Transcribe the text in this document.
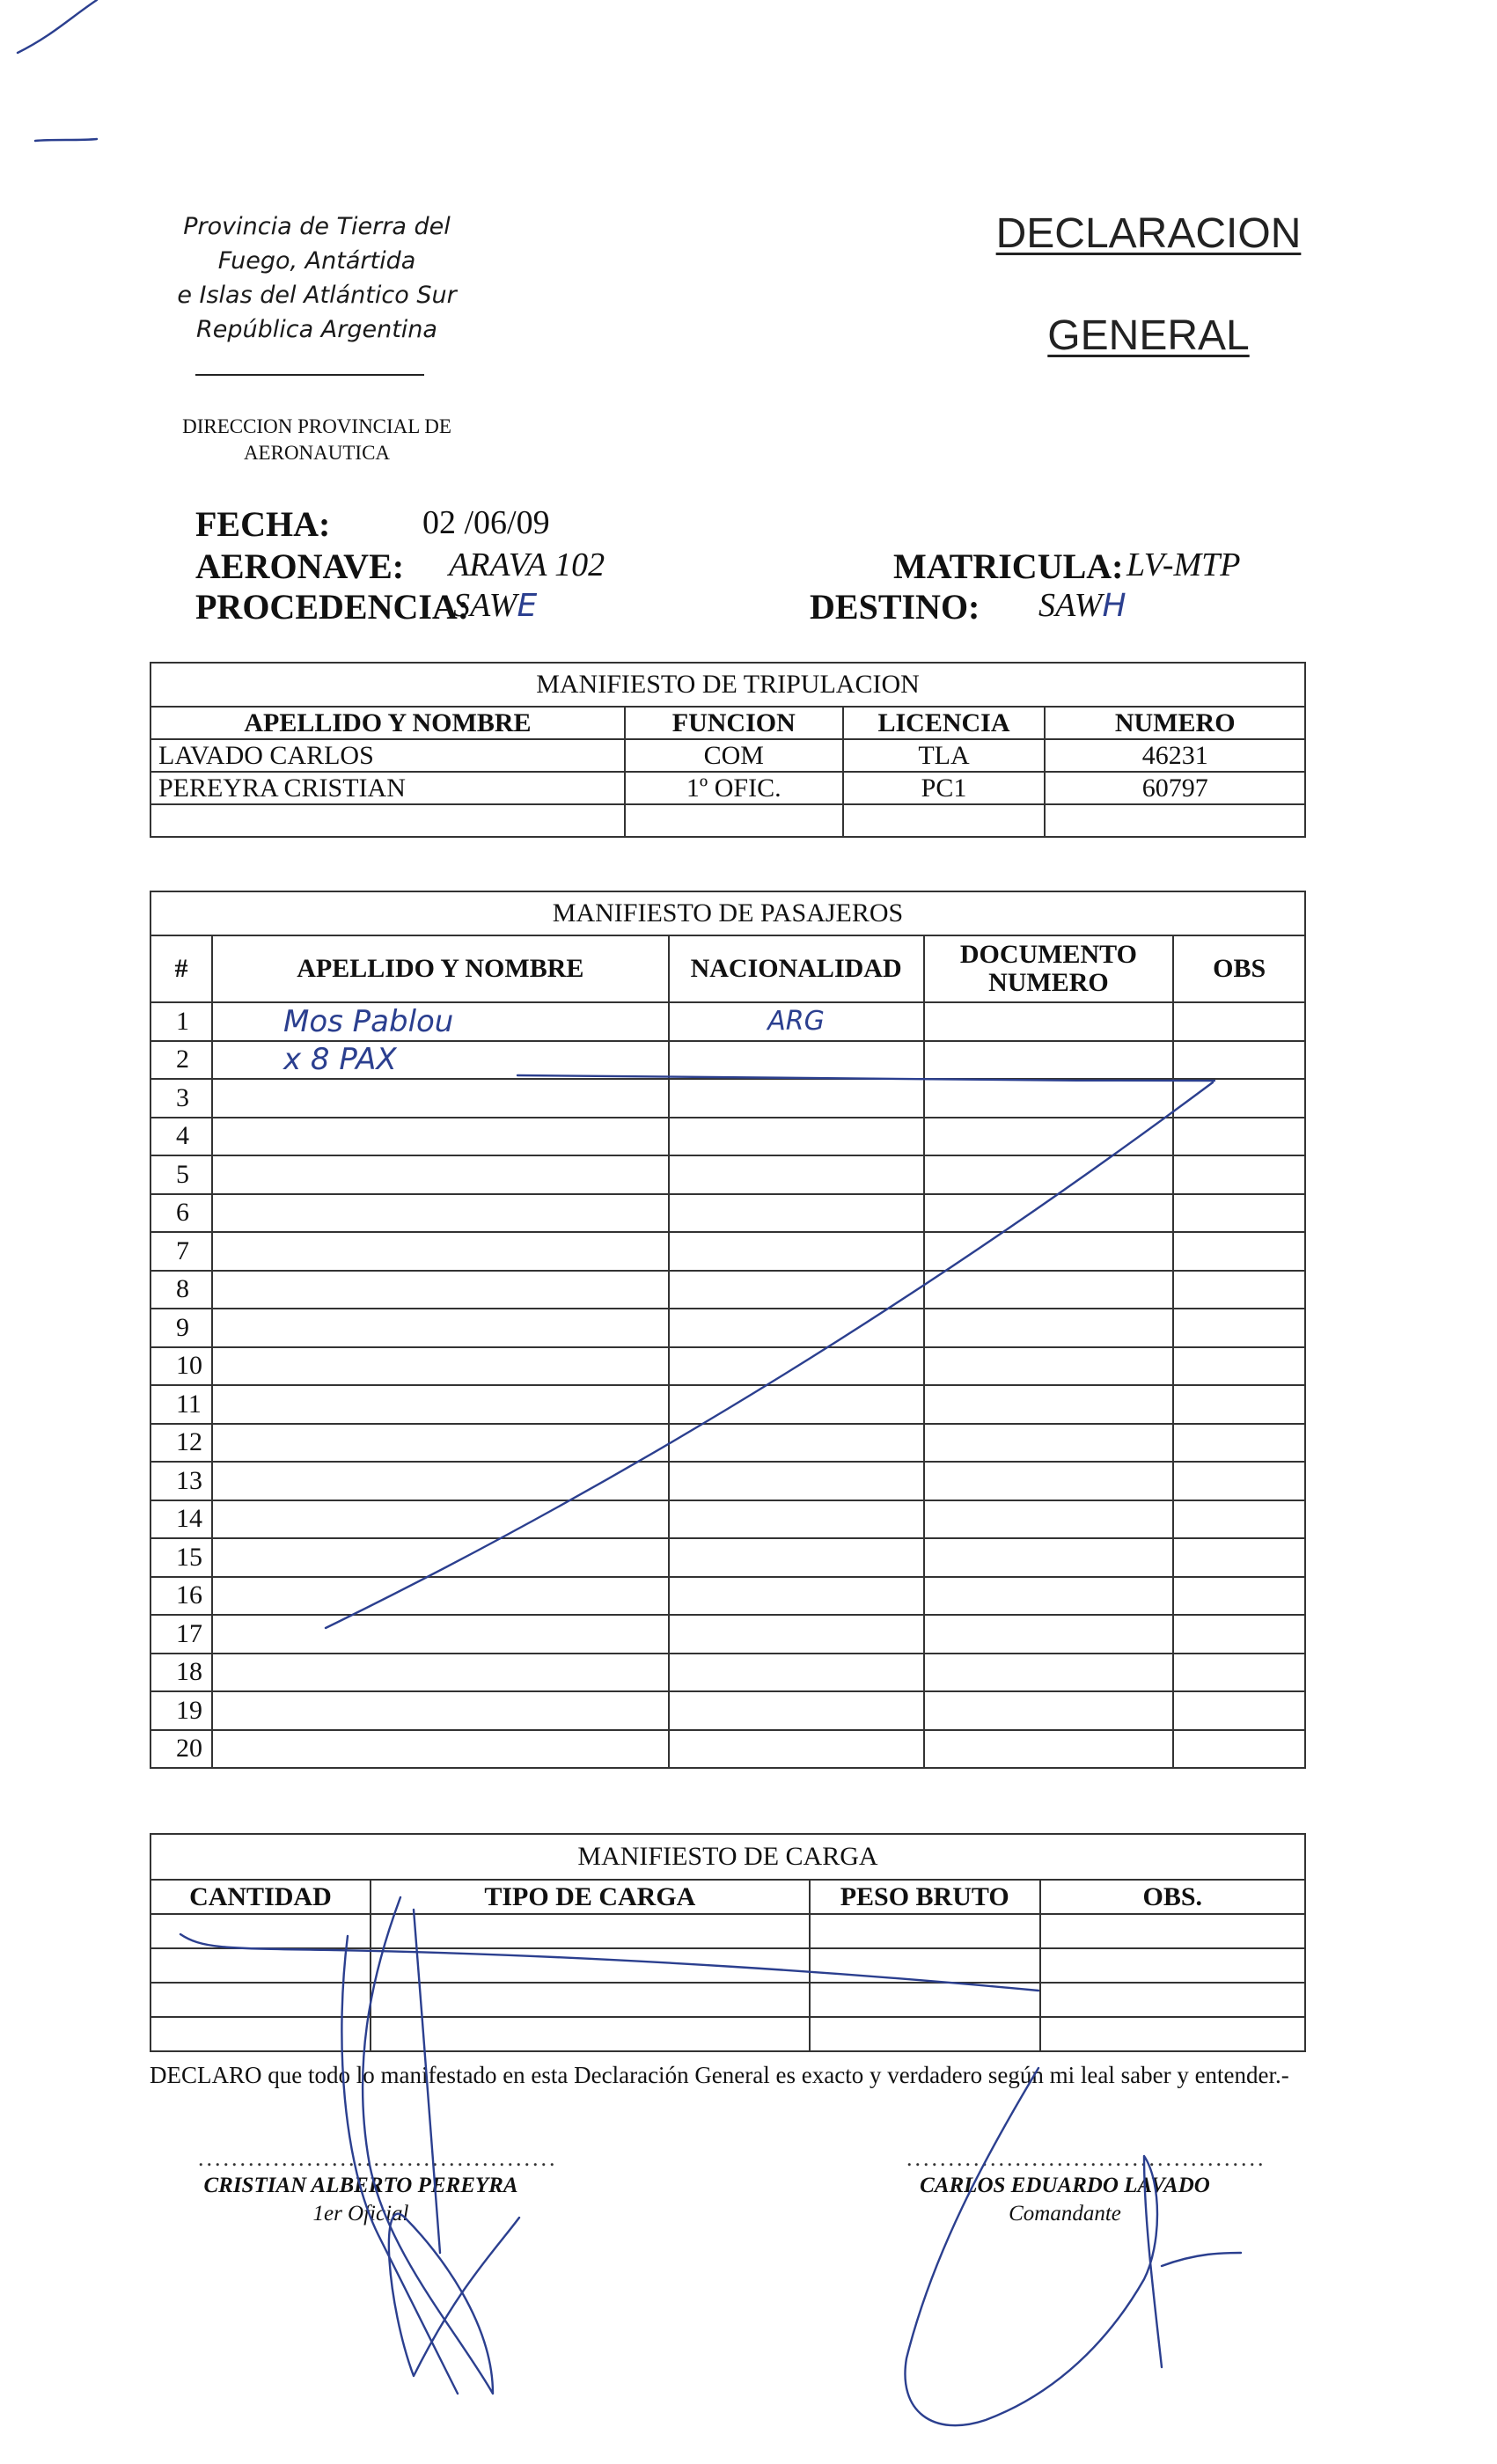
Provincia de Tierra del
Fuego, Antártida
e Islas del Atlántico Sur
República Argentina
DIRECCION PROVINCIAL DE
AERONAUTICA
DECLARACION
GENERAL
FECHA:	02 /06/09
AERONAVE: ARAVA 102
PROCEDENCIA:
SAWE
MATRICULA: LV-MTP
DESTINO: SAWH
MANIFIESTO DE TRIPULACION			
APELLIDO Y NOMBRE	FUNCION	LICENCIA	NUMERO
LAVADO CARLOS	COM	TLA	46231
PEREYRA CRISTIAN	1º OFIC.	PC1	60797

MANIFIESTO DE PASAJEROS				
#	APELLIDO Y NOMBRE	NACIONALIDAD	DOCUMENTO NUMERO	OBS
1	Mos Pablou	ARG		
2	x 8 PAX			
3				
4				
5				
6				
7				
8				
9				
10				
11				
12				
13				
14				
15				
16				
17				
18				
19				
20				
MANIFIESTO DE CARGA			
CANTIDAD	TIPO DE CARGA	PESO BRUTO	OBS.

DECLARO que todo lo manifestado en esta Declaración General es exacto y verdadero según mi leal saber y entender.-
...........................................
CRISTIAN ALBERTO PEREYRA
1er Oficial
...........................................
CARLOS EDUARDO LAVADO
Comandante
